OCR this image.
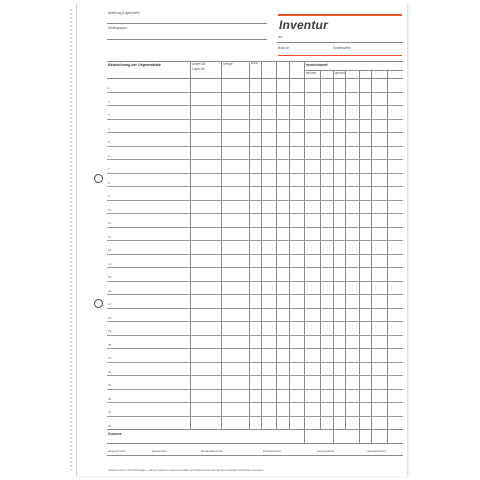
Abteilung (Lagerstelle)
Artikelgruppe	Inventur
am
Blatt-Nr.	Kostenstelle
Bezeichnung der Gegenstände	Artikel-Nr.
Lager-Nr.
Menge	Einheit	Inventurwert
einzeln	gesamt
1
2
3
4
5
6
7
8
9
10
11
12
13
14
15
16
17
18
19
20
21
22
23
24
25
26
Summe
aufgenommen	geschrieben	Bestandsnummer	Preisbestimmt	ausgerechnet	nachgerechnet
Seitennummern nicht übertragen – auf Inventarlisten zusammenstellen und Zwischensummen auf dem jeweiligen Abschluss vermerken
